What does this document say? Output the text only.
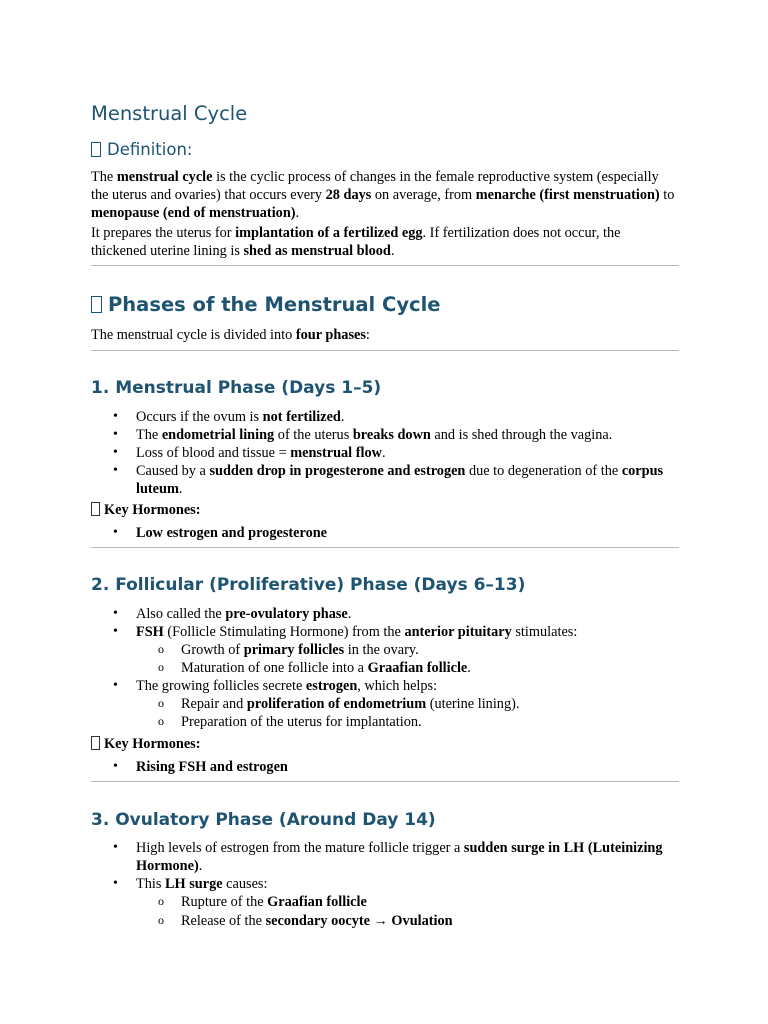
Menstrual Cycle
Definition:

The menstrual cycle is the cyclic process of changes in the female reproductive system (especially the uterus and ovaries) that occurs every 28 days on average, from menarche (first menstruation) to menopause (end of menstruation).

It prepares the uterus for implantation of a fertilized egg. If fertilization does not occur, the thickened uterine lining is shed as menstrual blood.

Phases of the Menstrual Cycle

The menstrual cycle is divided into four phases:

1. Menstrual Phase (Days 1–5)
• Occurs if the ovum is not fertilized.
• The endometrial lining of the uterus breaks down and is shed through the vagina.
• Loss of blood and tissue = menstrual flow.
• Caused by a sudden drop in progesterone and estrogen due to degeneration of the corpus luteum.

Key Hormones:

• Low estrogen and progesterone
2. Follicular (Proliferative) Phase (Days 6–13)
• Also called the pre-ovulatory phase.
• FSH (Follicle Stimulating Hormone) from the anterior pituitary stimulates:
o Growth of primary follicles in the ovary.
o Maturation of one follicle into a Graafian follicle.
• The growing follicles secrete estrogen, which helps:
o Repair and proliferation of endometrium (uterine lining).
o Preparation of the uterus for implantation.

Key Hormones:

• Rising FSH and estrogen
3. Ovulatory Phase (Around Day 14)
• High levels of estrogen from the mature follicle trigger a sudden surge in LH (Luteinizing Hormone).
• This LH surge causes:
o Rupture of the Graafian follicle
o Release of the secondary oocyte → Ovulation
